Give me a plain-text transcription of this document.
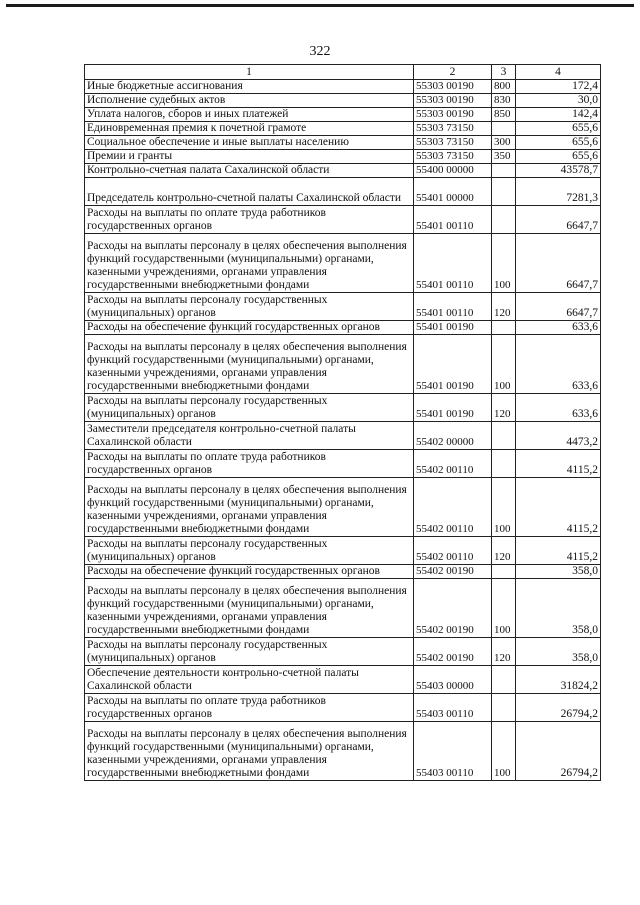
322
1	2	3	4
Иные бюджетные ассигнования	55303 00190	800	172,4
Исполнение судебных актов	55303 00190	830	30,0
Уплата налогов, сборов и иных платежей	55303 00190	850	142,4
Единовременная премия к почетной грамоте	55303 73150		655,6
Социальное обеспечение и иные выплаты населению	55303 73150	300	655,6
Премии и гранты	55303 73150	350	655,6
Контрольно-счетная палата Сахалинской области	55400 00000		43578,7
Председатель контрольно-счетной палаты Сахалинской области	55401 00000		7281,3
Расходы на выплаты по оплате труда работников государственных органов	55401 00110		6647,7
Расходы на выплаты персоналу в целях обеспечения выполнения функций государственными (муниципальными) органами, казенными учреждениями, органами управления государственными внебюджетными фондами	55401 00110	100	6647,7
Расходы на выплаты персоналу государственных (муниципальных) органов	55401 00110	120	6647,7
Расходы на обеспечение функций государственных органов	55401 00190		633,6
Расходы на выплаты персоналу в целях обеспечения выполнения функций государственными (муниципальными) органами, казенными учреждениями, органами управления государственными внебюджетными фондами	55401 00190	100	633,6
Расходы на выплаты персоналу государственных (муниципальных) органов	55401 00190	120	633,6
Заместители председателя контрольно-счетной палаты Сахалинской области	55402 00000		4473,2
Расходы на выплаты по оплате труда работников государственных органов	55402 00110		4115,2
Расходы на выплаты персоналу в целях обеспечения выполнения функций государственными (муниципальными) органами, казенными учреждениями, органами управления государственными внебюджетными фондами	55402 00110	100	4115,2
Расходы на выплаты персоналу государственных (муниципальных) органов	55402 00110	120	4115,2
Расходы на обеспечение функций государственных органов	55402 00190		358,0
Расходы на выплаты персоналу в целях обеспечения выполнения функций государственными (муниципальными) органами, казенными учреждениями, органами управления государственными внебюджетными фондами	55402 00190	100	358,0
Расходы на выплаты персоналу государственных (муниципальных) органов	55402 00190	120	358,0
Обеспечение деятельности контрольно-счетной палаты Сахалинской области	55403 00000		31824,2
Расходы на выплаты по оплате труда работников государственных органов	55403 00110		26794,2
Расходы на выплаты персоналу в целях обеспечения выполнения функций государственными (муниципальными) органами, казенными учреждениями, органами управления государственными внебюджетными фондами	55403 00110	100	26794,2
